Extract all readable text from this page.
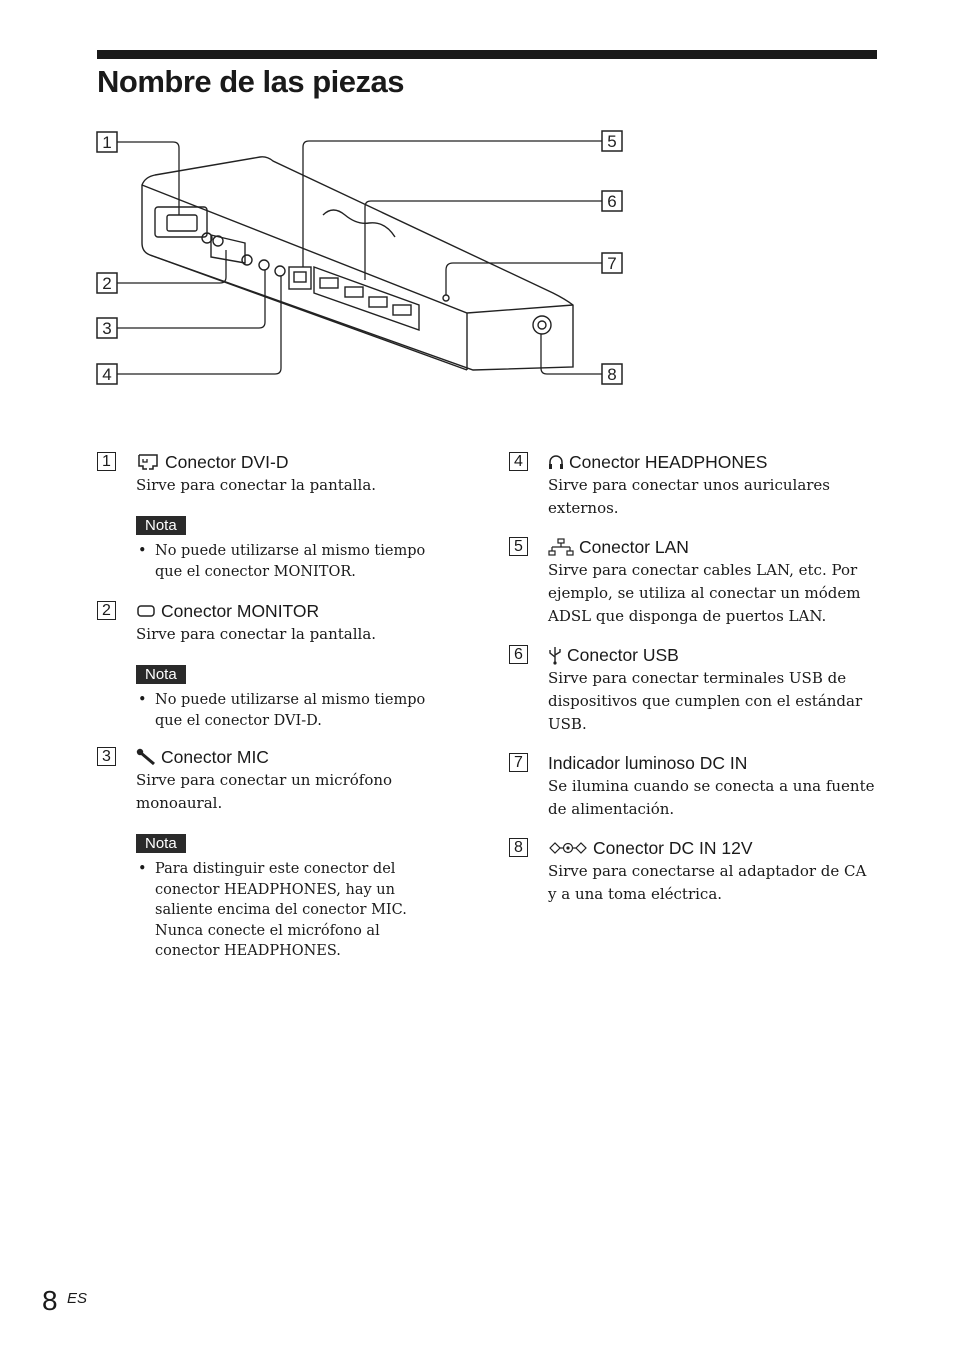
Nombre de las piezas
1
2
3
4
5
6
7
8
1	Conector DVI-D
Sirve para conectar la pantalla.
Nota
• No puede utilizarse al mismo tiempo que el conector MONITOR.
2	Conector MONITOR
Sirve para conectar la pantalla.
Nota
• No puede utilizarse al mismo tiempo que el conector DVI-D.
3	Conector MIC
Sirve para conectar un micrófono monoaural.
Nota
• Para distinguir este conector del conector HEADPHONES, hay un saliente encima del conector MIC. Nunca conecte el micrófono al conector HEADPHONES.
4	Conector HEADPHONES
Sirve para conectar unos auriculares externos.
5	Conector LAN
Sirve para conectar cables LAN, etc. Por ejemplo, se utiliza al conectar un módem ADSL que disponga de puertos LAN.
6	Conector USB
Sirve para conectar terminales USB de dispositivos que cumplen con el estándar USB.
7 Indicador luminoso DC IN
Se ilumina cuando se conecta a una fuente de alimentación.
8	Conector DC IN 12V
Sirve para conectarse al adaptador de CA y a una toma eléctrica.
8 ES
